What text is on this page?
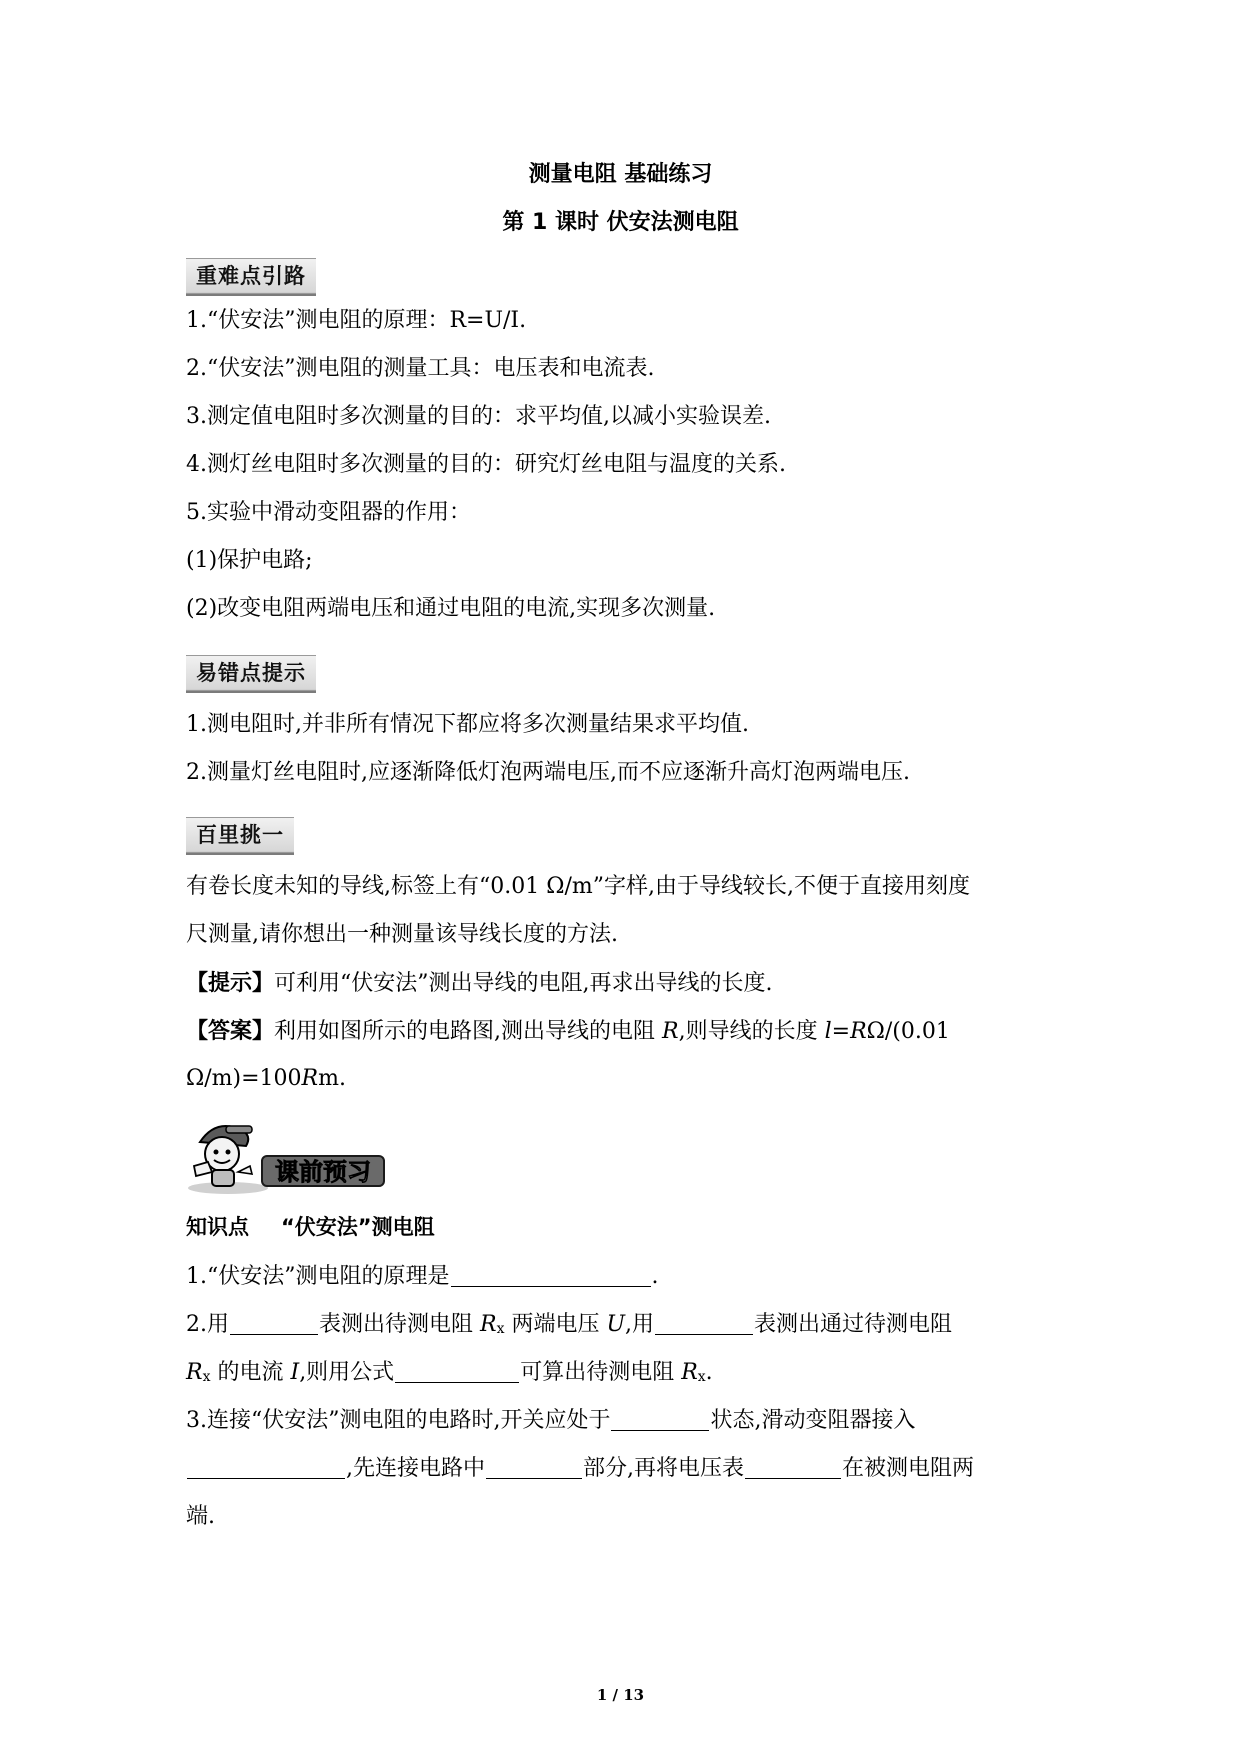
测量电阻 基础练习
第 1 课时 伏安法测电阻
重难点引路
1.“伏安法”测电阻的原理：R=U/I.
2.“伏安法”测电阻的测量工具：电压表和电流表.
3.测定值电阻时多次测量的目的：求平均值,以减小实验误差.
4.测灯丝电阻时多次测量的目的：研究灯丝电阻与温度的关系.
5.实验中滑动变阻器的作用：
(1)保护电路;
(2)改变电阻两端电压和通过电阻的电流,实现多次测量.
易错点提示
1.测电阻时,并非所有情况下都应将多次测量结果求平均值.
2.测量灯丝电阻时,应逐渐降低灯泡两端电压,而不应逐渐升高灯泡两端电压.
百里挑一
有卷长度未知的导线,标签上有“0.01 Ω/m”字样,由于导线较长,不便于直接用刻度
尺测量,请你想出一种测量该导线长度的方法.
【提示】可利用“伏安法”测出导线的电阻,再求出导线的长度.
【答案】利用如图所示的电路图,测出导线的电阻 R,则导线的长度 l=RΩ/(0.01
Ω/m)=100Rm.
课前预习
知识点 “伏安法”测电阻
1.“伏安法”测电阻的原理是	.
2.用	表测出待测电阻 Rx 两端电压 U,用	表测出通过待测电阻
Rx 的电流 I,则用公式	可算出待测电阻 Rx.
3.连接“伏安法”测电阻的电路时,开关应处于	状态,滑动变阻器接入
,先连接电路中	部分,再将电压表	在被测电阻两
端.
1 / 13
